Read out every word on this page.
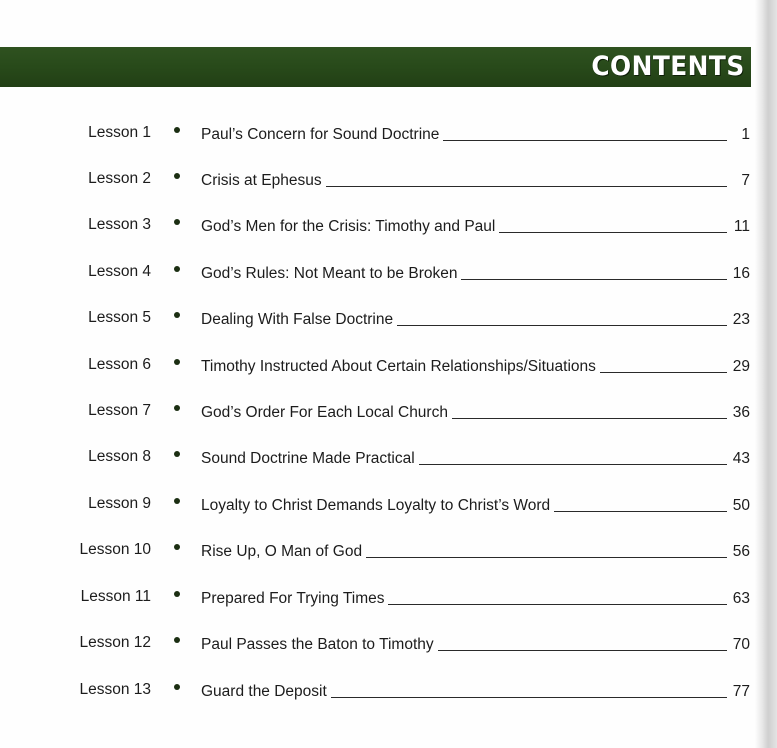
CONTENTS
Lesson 1	Paul’s Concern for Sound Doctrine	1
Lesson 2	Crisis at Ephesus	7
Lesson 3	God’s Men for the Crisis: Timothy and Paul	11
Lesson 4	God’s Rules: Not Meant to be Broken	16
Lesson 5	Dealing With False Doctrine	23
Lesson 6	Timothy Instructed About Certain Relationships/Situations	29
Lesson 7	God’s Order For Each Local Church	36
Lesson 8	Sound Doctrine Made Practical	43
Lesson 9	Loyalty to Christ Demands Loyalty to Christ’s Word	50
Lesson 10	Rise Up, O Man of God	56
Lesson 11	Prepared For Trying Times	63
Lesson 12	Paul Passes the Baton to Timothy	70
Lesson 13	Guard the Deposit	77
